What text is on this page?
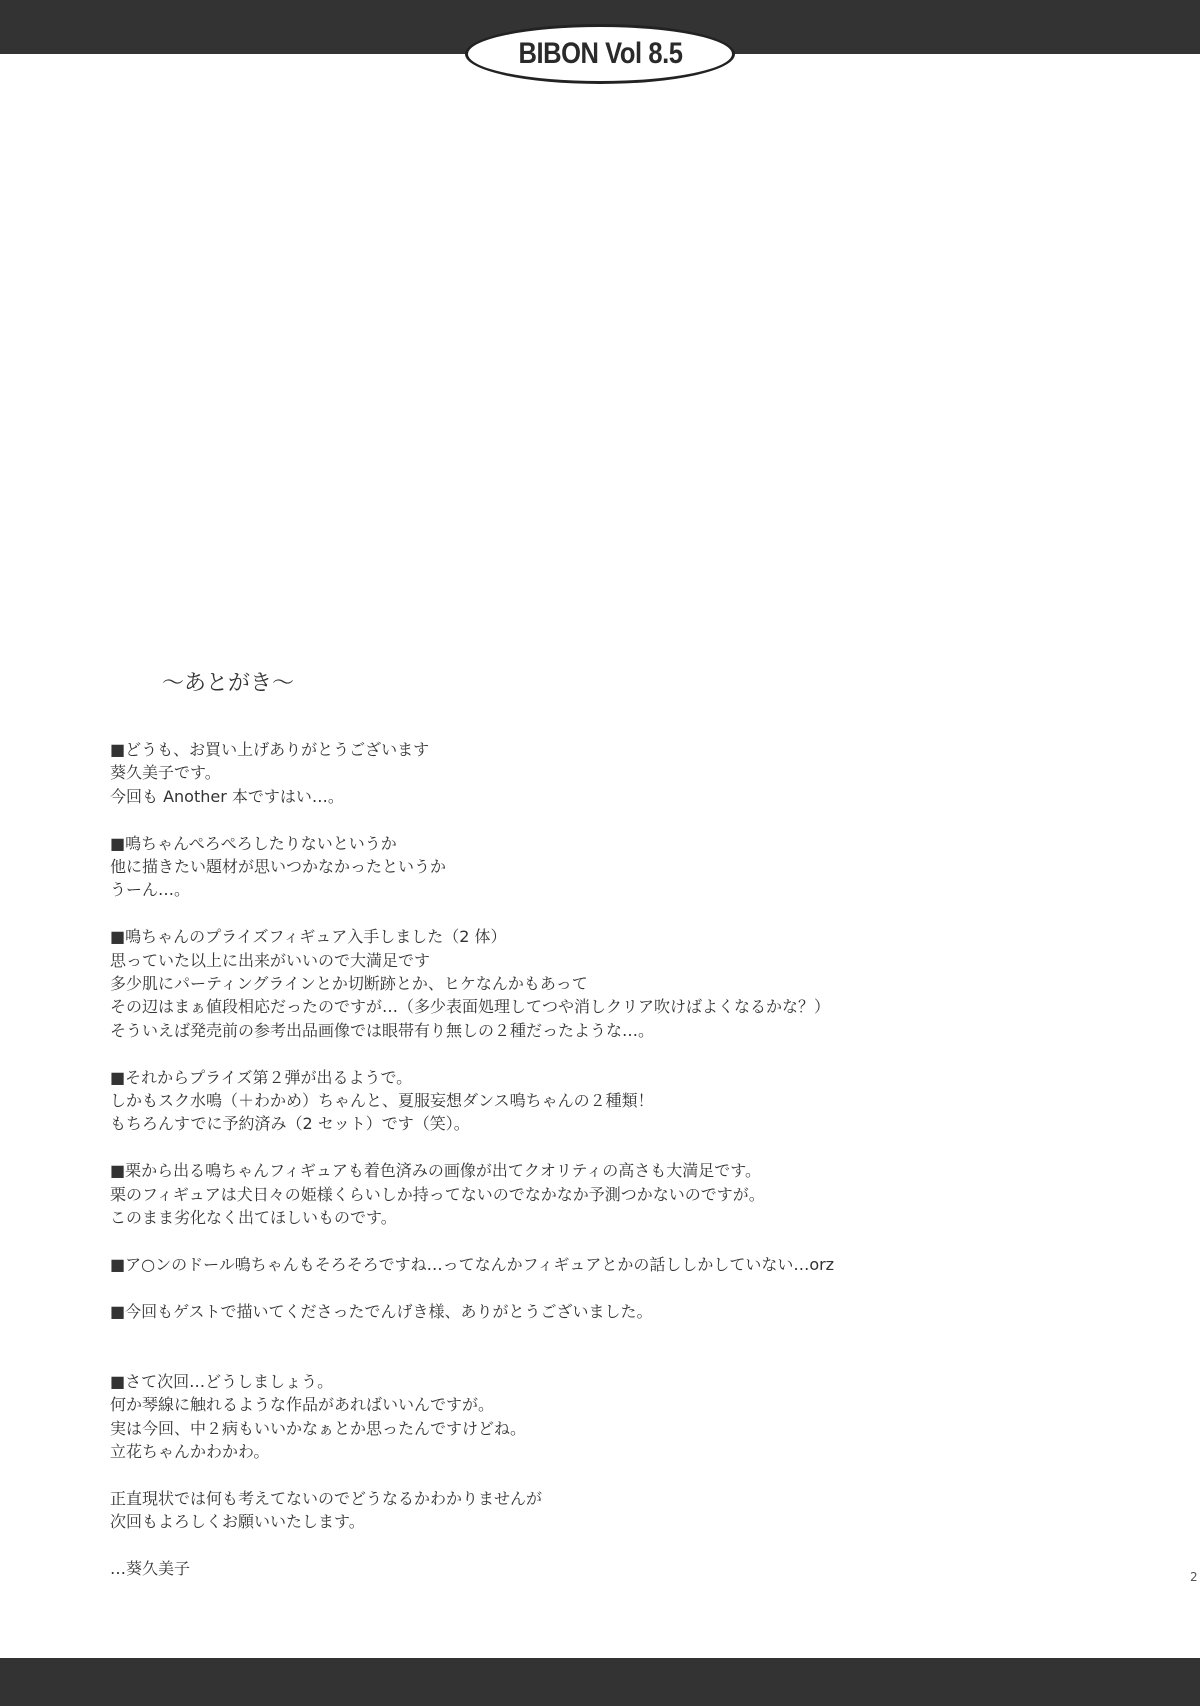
BIBON Vol 8.5
～あとがき～
■どうも、お買い上げありがとうございます
葵久美子です。
今回も Another 本ですはい…。
■鳴ちゃんぺろぺろしたりないというか
他に描きたい題材が思いつかなかったというか
うーん…。
■鳴ちゃんのプライズフィギュア入手しました（2 体）
思っていた以上に出来がいいので大満足です
多少肌にパーティングラインとか切断跡とか、ヒケなんかもあって
その辺はまぁ値段相応だったのですが…（多少表面処理してつや消しクリア吹けばよくなるかな？）
そういえば発売前の参考出品画像では眼帯有り無しの２種だったような…。
■それからプライズ第２弾が出るようで。
しかもスク水鳴（＋わかめ）ちゃんと、夏服妄想ダンス鳴ちゃんの２種類！
もちろんすでに予約済み（2 セット）です（笑）。
■栗から出る鳴ちゃんフィギュアも着色済みの画像が出てクオリティの高さも大満足です。
栗のフィギュアは犬日々の姫様くらいしか持ってないのでなかなか予測つかないのですが。
このまま劣化なく出てほしいものです。
■ア○ンのドール鳴ちゃんもそろそろですね…ってなんかフィギュアとかの話ししかしていない…orz
■今回もゲストで描いてくださったでんげき様、ありがとうございました。
■さて次回…どうしましょう。
何か琴線に触れるような作品があればいいんですが。
実は今回、中２病もいいかなぁとか思ったんですけどね。
立花ちゃんかわかわ。
正直現状では何も考えてないのでどうなるかわかりませんが
次回もよろしくお願いいたします。
…葵久美子	2
